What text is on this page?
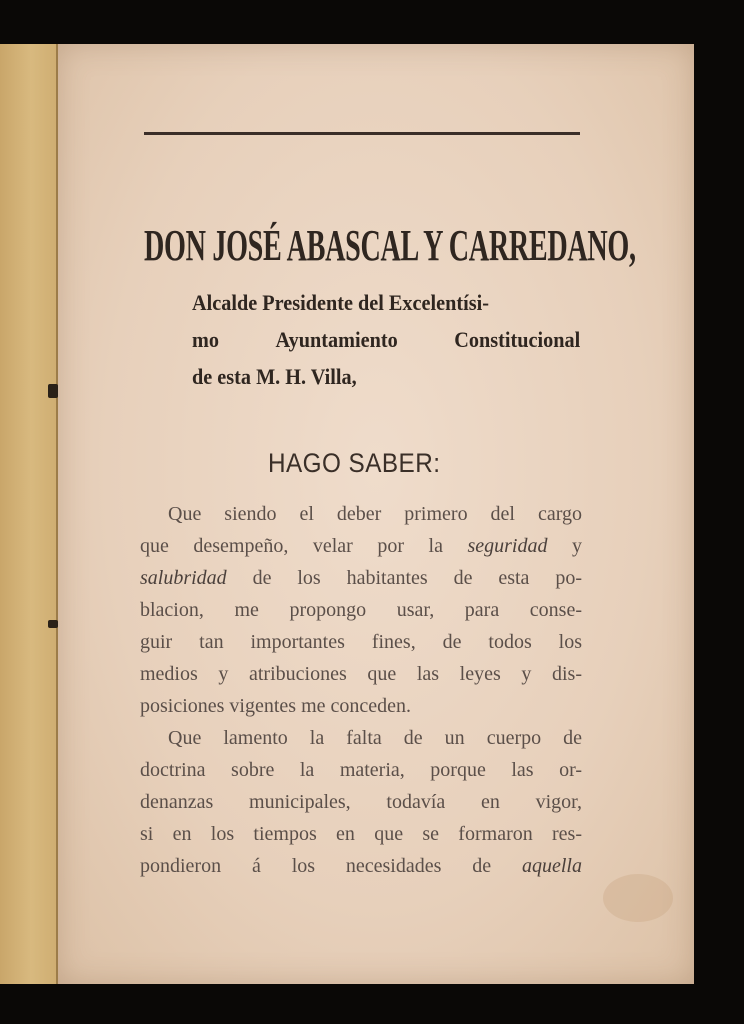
DON JOSÉ ABASCAL Y CARREDANO,
Alcalde Presidente del Excelentísi-
mo	Ayuntamiento	Constitucional
de esta M. H. Villa,
HAGO SABER:
Que siendo el deber primero del cargo
que desempeño, velar por la seguridad y
salubridad de los habitantes de esta po-
blacion, me propongo usar, para conse-
guir tan importantes fines, de todos los
medios y atribuciones que las leyes y dis-
posiciones vigentes me conceden.
Que lamento la falta de un cuerpo de
doctrina sobre la materia, porque las or-
denanzas municipales, todavía en vigor,
si en los tiempos en que se formaron res-
pondieron á los necesidades de aquella
